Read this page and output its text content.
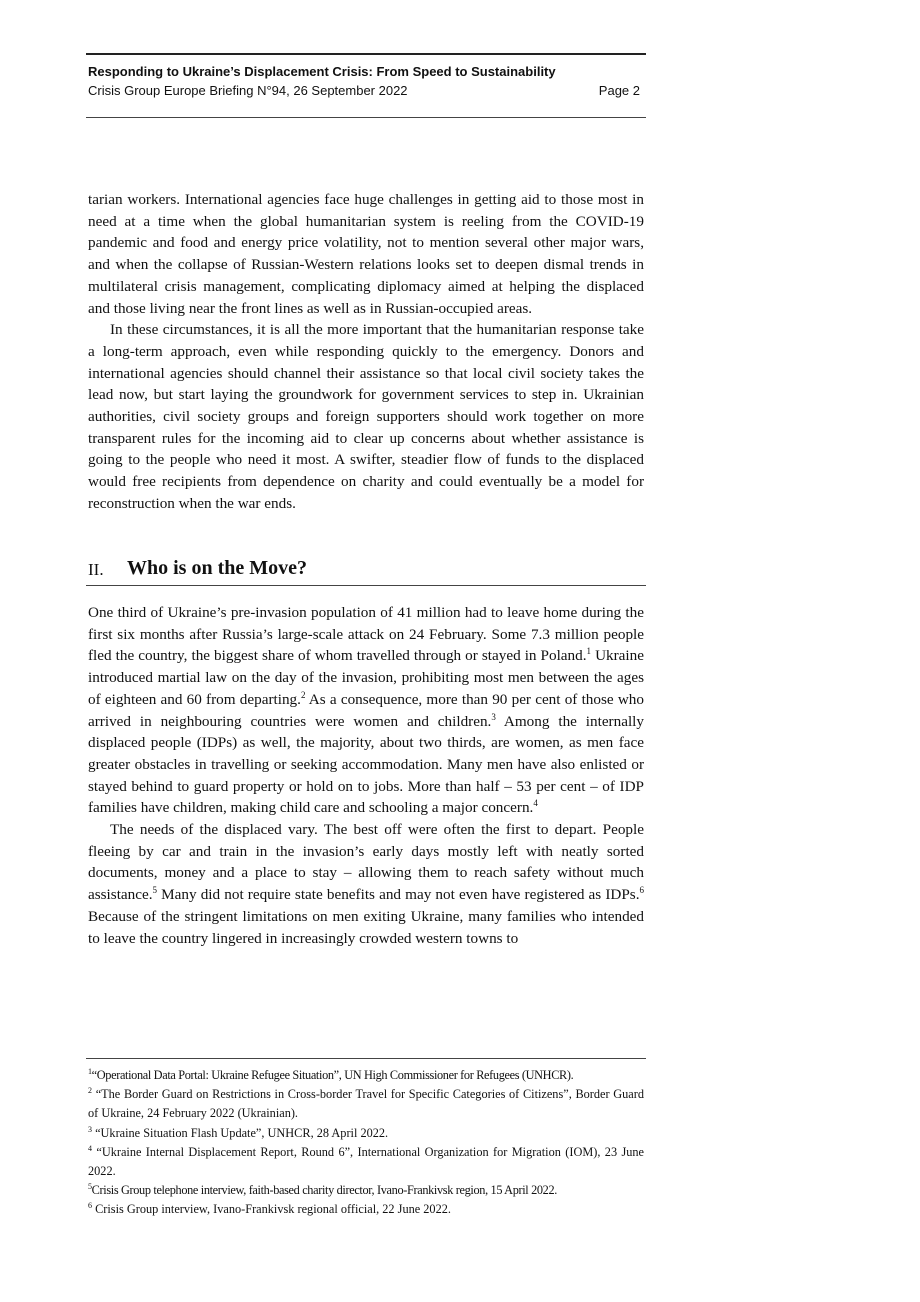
Responding to Ukraine’s Displacement Crisis: From Speed to Sustainability
Crisis Group Europe Briefing N°94, 26 September 2022	Page 2

tarian workers. International agencies face huge challenges in getting aid to those most in need at a time when the global humanitarian system is reeling from the COVID-19 pandemic and food and energy price volatility, not to mention several other major wars, and when the collapse of Russian-Western relations looks set to deepen dismal trends in multilateral crisis management, complicating diplomacy aimed at helping the displaced and those living near the front lines as well as in Russian-occupied areas.

In these circumstances, it is all the more important that the humanitarian response take a long-term approach, even while responding quickly to the emergency. Donors and international agencies should channel their assistance so that local civil society takes the lead now, but start laying the groundwork for government services to step in. Ukrainian authorities, civil society groups and foreign supporters should work together on more transparent rules for the incoming aid to clear up concerns about whether assistance is going to the people who need it most. A swifter, steadier flow of funds to the displaced would free recipients from dependence on charity and could eventually be a model for reconstruction when the war ends.

II. Who is on the Move?

One third of Ukraine’s pre-invasion population of 41 million had to leave home during the first six months after Russia’s large-scale attack on 24 February. Some 7.3 million people fled the country, the biggest share of whom travelled through or stayed in Poland.$^1$ Ukraine introduced martial law on the day of the invasion, prohibiting most men between the ages of eighteen and 60 from departing.$^2$ As a consequence, more than 90 per cent of those who arrived in neighbouring countries were women and children.$^3$ Among the internally displaced people (IDPs) as well, the majority, about two thirds, are women, as men face greater obstacles in travelling or seeking accommodation. Many men have also enlisted or stayed behind to guard property or hold on to jobs. More than half – 53 per cent – of IDP families have children, making child care and schooling a major concern.$^4$

The needs of the displaced vary. The best off were often the first to depart. People fleeing by car and train in the invasion’s early days mostly left with neatly sorted documents, money and a place to stay – allowing them to reach safety without much assistance.$^5$ Many did not require state benefits and may not even have registered as IDPs.$^6$ Because of the stringent limitations on men exiting Ukraine, many families who intended to leave the country lingered in increasingly crowded western towns to

$^1$“Operational Data Portal: Ukraine Refugee Situation”, UN High Commissioner for Refugees (UNHCR).

$^2$ “The Border Guard on Restrictions in Cross-border Travel for Specific Categories of Citizens”, Border Guard of Ukraine, 24 February 2022 (Ukrainian).

$^3$ “Ukraine Situation Flash Update”, UNHCR, 28 April 2022.

$^4$ “Ukraine Internal Displacement Report, Round 6”, International Organization for Migration (IOM), 23 June 2022.

$^5$Crisis Group telephone interview, faith-based charity director, Ivano-Frankivsk region, 15 April 2022.

$^6$ Crisis Group interview, Ivano-Frankivsk regional official, 22 June 2022.
